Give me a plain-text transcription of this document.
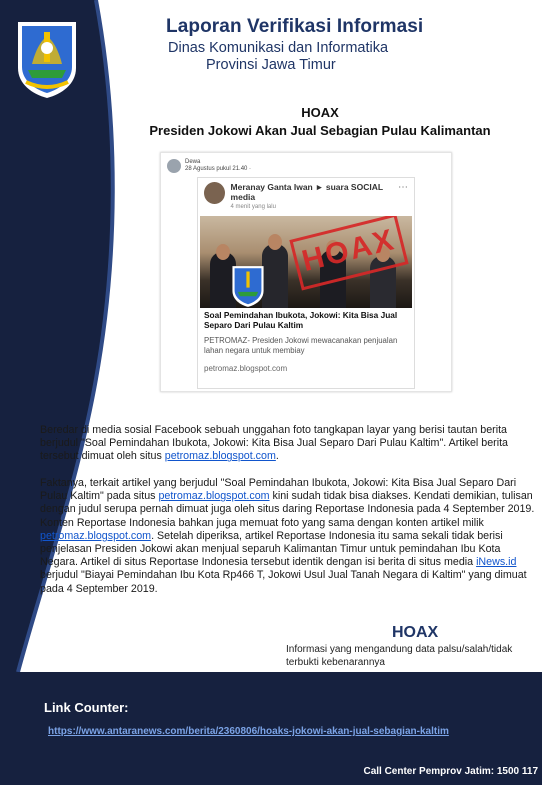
Laporan Verifikasi Informasi
Dinas Komunikasi dan Informatika
Provinsi Jawa Timur
HOAX
Presiden Jokowi Akan Jual Sebagian Pulau Kalimantan
Dewa
28 Agustus pukul 21.40 ·
Meranay Ganta Iwan ► suara SOCIAL media
4 menit yang lalu
⋯
HOAX
Soal Pemindahan Ibukota, Jokowi: Kita Bisa Jual Separo Dari Pulau Kaltim
PETROMAZ- Presiden Jokowi mewacanakan penjualan lahan negara untuk membiay
petromaz.blogspot.com
Beredar di media sosial Facebook sebuah unggahan foto tangkapan layar yang berisi tautan berita berjudul "Soal Pemindahan Ibukota, Jokowi: Kita Bisa Jual Separo Dari Pulau Kaltim". Artikel berita tersebut dimuat oleh situs petromaz.blogspot.com.
Faktanya, terkait artikel yang berjudul "Soal Pemindahan Ibukota, Jokowi: Kita Bisa Jual Separo Dari Pulau Kaltim" pada situs petromaz.blogspot.com kini sudah tidak bisa diakses. Kendati demikian, tulisan dengan judul serupa pernah dimuat juga oleh situs daring Reportase Indonesia pada 4 September 2019. Konten Reportase Indonesia bahkan juga memuat foto yang sama dengan konten artikel milik petromaz.blogspot.com. Setelah diperiksa, artikel Reportase Indonesia itu sama sekali tidak berisi penjelasan Presiden Jokowi akan menjual separuh Kalimantan Timur untuk pemindahan Ibu Kota Negara. Artikel di situs Reportase Indonesia tersebut identik dengan isi berita di situs media iNews.id berjudul "Biayai Pemindahan Ibu Kota Rp466 T, Jokowi Usul Jual Tanah Negara di Kaltim" yang dimuat pada 4 September 2019.
HOAX
Informasi yang mengandung data palsu/salah/tidak terbukti kebenarannya
Link Counter:
https://www.antaranews.com/berita/2360806/hoaks-jokowi-akan-jual-sebagian-kaltim
Call Center Pemprov Jatim: 1500 117
